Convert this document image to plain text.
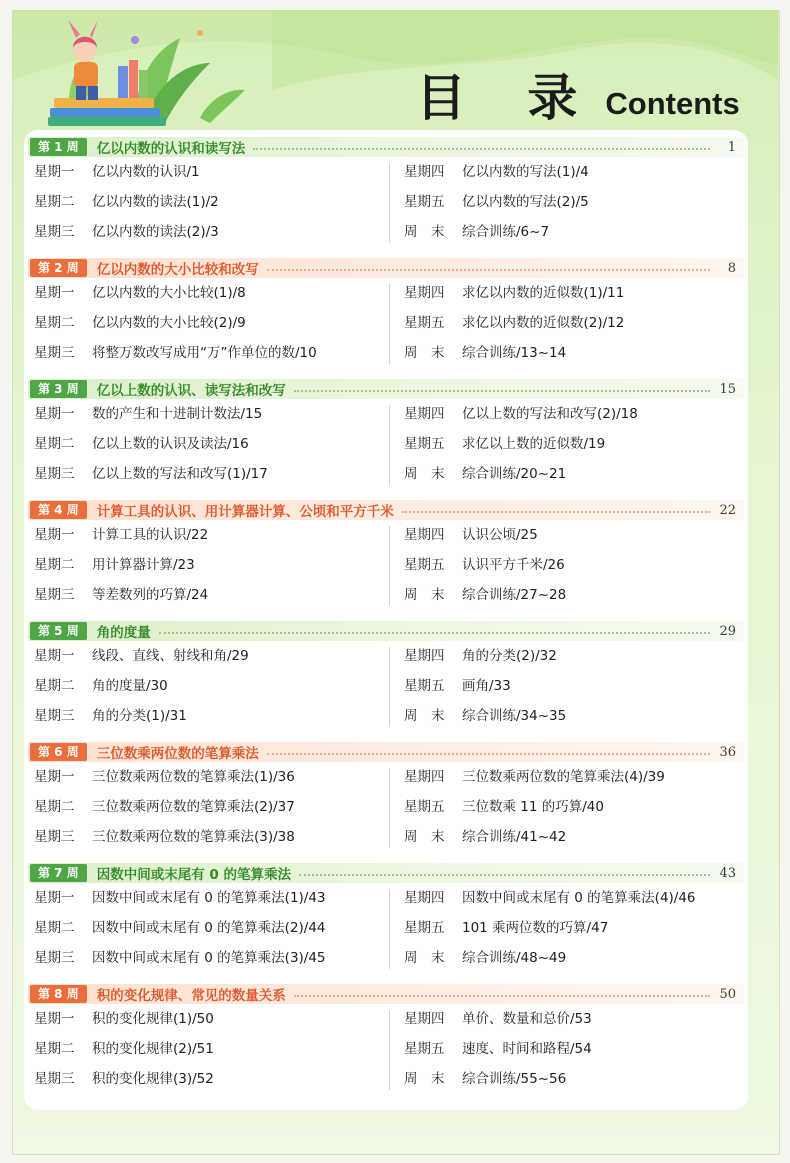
目 录 Contents
第 1 周	亿以内数的认识和读写法	1
星期一 亿以内数的认识/1
星期二 亿以内数的读法(1)/2
星期三 亿以内数的读法(2)/3
星期四 亿以内数的写法(1)/4
星期五 亿以内数的写法(2)/5
周　末 综合训练/6~7
第 2 周	亿以内数的大小比较和改写	8
星期一 亿以内数的大小比较(1)/8
星期二 亿以内数的大小比较(2)/9
星期三 将整万数改写成用“万”作单位的数/10
星期四 求亿以内数的近似数(1)/11
星期五 求亿以内数的近似数(2)/12
周　末 综合训练/13~14
第 3 周	亿以上数的认识、读写法和改写	15
星期一 数的产生和十进制计数法/15
星期二 亿以上数的认识及读法/16
星期三 亿以上数的写法和改写(1)/17
星期四 亿以上数的写法和改写(2)/18
星期五 求亿以上数的近似数/19
周　末 综合训练/20~21
第 4 周	计算工具的认识、用计算器计算、公顷和平方千米	22
星期一 计算工具的认识/22
星期二 用计算器计算/23
星期三 等差数列的巧算/24
星期四 认识公顷/25
星期五 认识平方千米/26
周　末 综合训练/27~28
第 5 周	角的度量	29
星期一 线段、直线、射线和角/29
星期二 角的度量/30
星期三 角的分类(1)/31
星期四 角的分类(2)/32
星期五 画角/33
周　末 综合训练/34~35
第 6 周	三位数乘两位数的笔算乘法	36
星期一 三位数乘两位数的笔算乘法(1)/36
星期二 三位数乘两位数的笔算乘法(2)/37
星期三 三位数乘两位数的笔算乘法(3)/38
星期四 三位数乘两位数的笔算乘法(4)/39
星期五 三位数乘 11 的巧算/40
周　末 综合训练/41~42
第 7 周	因数中间或末尾有 0 的笔算乘法	43
星期一 因数中间或末尾有 0 的笔算乘法(1)/43
星期二 因数中间或末尾有 0 的笔算乘法(2)/44
星期三 因数中间或末尾有 0 的笔算乘法(3)/45
星期四 因数中间或末尾有 0 的笔算乘法(4)/46
星期五 101 乘两位数的巧算/47
周　末 综合训练/48~49
第 8 周	积的变化规律、常见的数量关系	50
星期一 积的变化规律(1)/50
星期二 积的变化规律(2)/51
星期三 积的变化规律(3)/52
星期四 单价、数量和总价/53
星期五 速度、时间和路程/54
周　末 综合训练/55~56
